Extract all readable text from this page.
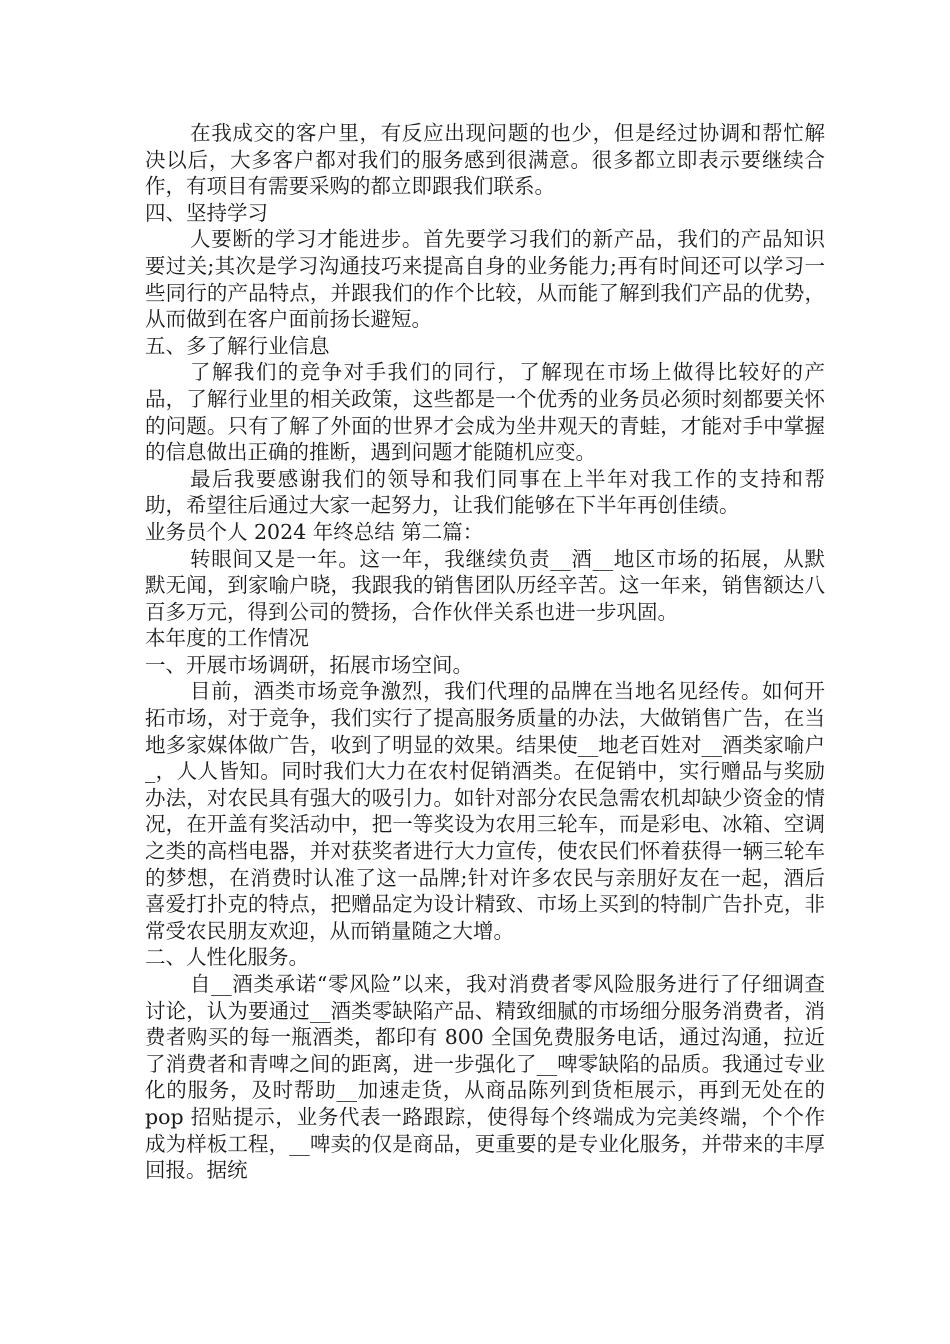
在我成交的客户里，有反应出现问题的也少，但是经过协调和帮忙解决以后，大多客户都对我们的服务感到很满意。很多都立即表示要继续合作，有项目有需要采购的都立即跟我们联系。

四、坚持学习

人要断的学习才能进步。首先要学习我们的新产品，我们的产品知识要过关;其次是学习沟通技巧来提高自身的业务能力;再有时间还可以学习一些同行的产品特点，并跟我们的作个比较，从而能了解到我们产品的优势，从而做到在客户面前扬长避短。

五、多了解行业信息

了解我们的竞争对手我们的同行，了解现在市场上做得比较好的产品，了解行业里的相关政策，这些都是一个优秀的业务员必须时刻都要关怀的问题。只有了解了外面的世界才会成为坐井观天的青蛙，才能对手中掌握的信息做出正确的推断，遇到问题才能随机应变。

最后我要感谢我们的领导和我们同事在上半年对我工作的支持和帮助，希望往后通过大家一起努力，让我们能够在下半年再创佳绩。

业务员个人 2024 年终总结 第二篇：

转眼间又是一年。这一年，我继续负责__酒__地区市场的拓展，从默默无闻，到家喻户晓，我跟我的销售团队历经辛苦。这一年来，销售额达八百多万元，得到公司的赞扬，合作伙伴关系也进一步巩固。

本年度的工作情况

一、开展市场调研，拓展市场空间。

目前，酒类市场竞争激烈，我们代理的品牌在当地名见经传。如何开拓市场，对于竞争，我们实行了提高服务质量的办法，大做销售广告，在当地多家媒体做广告，收到了明显的效果。结果使__地老百姓对__酒类家喻户_，人人皆知。同时我们大力在农村促销酒类。在促销中，实行赠品与奖励办法，对农民具有强大的吸引力。如针对部分农民急需农机却缺少资金的情况，在开盖有奖活动中，把一等奖设为农用三轮车，而是彩电、冰箱、空调之类的高档电器，并对获奖者进行大力宣传，使农民们怀着获得一辆三轮车的梦想，在消费时认准了这一品牌;针对许多农民与亲朋好友在一起，酒后喜爱打扑克的特点，把赠品定为设计精致、市场上买到的特制广告扑克，非常受农民朋友欢迎，从而销量随之大增。

二、人性化服务。

自__酒类承诺“零风险”以来，我对消费者零风险服务进行了仔细调查讨论，认为要通过__酒类零缺陷产品、精致细腻的市场细分服务消费者，消费者购买的每一瓶酒类，都印有 800 全国免费服务电话，通过沟通，拉近了消费者和青啤之间的距离，进一步强化了__啤零缺陷的品质。我通过专业化的服务，及时帮助__加速走货，从商品陈列到货柜展示，再到无处在的 pop 招贴提示，业务代表一路跟踪，使得每个终端成为完美终端，个个作成为样板工程，__啤卖的仅是商品，更重要的是专业化服务，并带来的丰厚回报。据统
